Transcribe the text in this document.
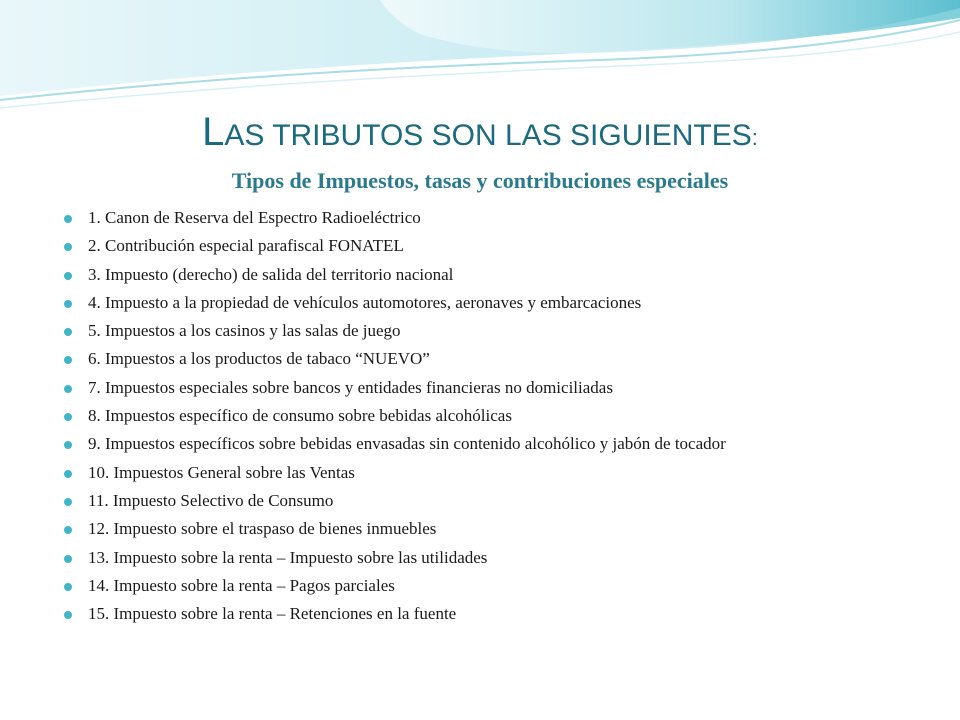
LAS TRIBUTOS SON LAS SIGUIENTES:
Tipos de Impuestos, tasas y contribuciones especiales
1. Canon de Reserva del Espectro Radioeléctrico
2. Contribución especial parafiscal FONATEL
3. Impuesto (derecho) de salida del territorio nacional
4. Impuesto a la propiedad de vehículos automotores, aeronaves y embarcaciones
5. Impuestos a los casinos y las salas de juego
6. Impuestos a los productos de tabaco “NUEVO”
7. Impuestos especiales sobre bancos y entidades financieras no domiciliadas
8. Impuestos específico de consumo sobre bebidas alcohólicas
9. Impuestos específicos sobre bebidas envasadas sin contenido alcohólico y jabón de tocador
10. Impuestos General sobre las Ventas
11. Impuesto Selectivo de Consumo
12. Impuesto sobre el traspaso de bienes inmuebles
13. Impuesto sobre la renta – Impuesto sobre las utilidades
14. Impuesto sobre la renta – Pagos parciales
15. Impuesto sobre la renta – Retenciones en la fuente
